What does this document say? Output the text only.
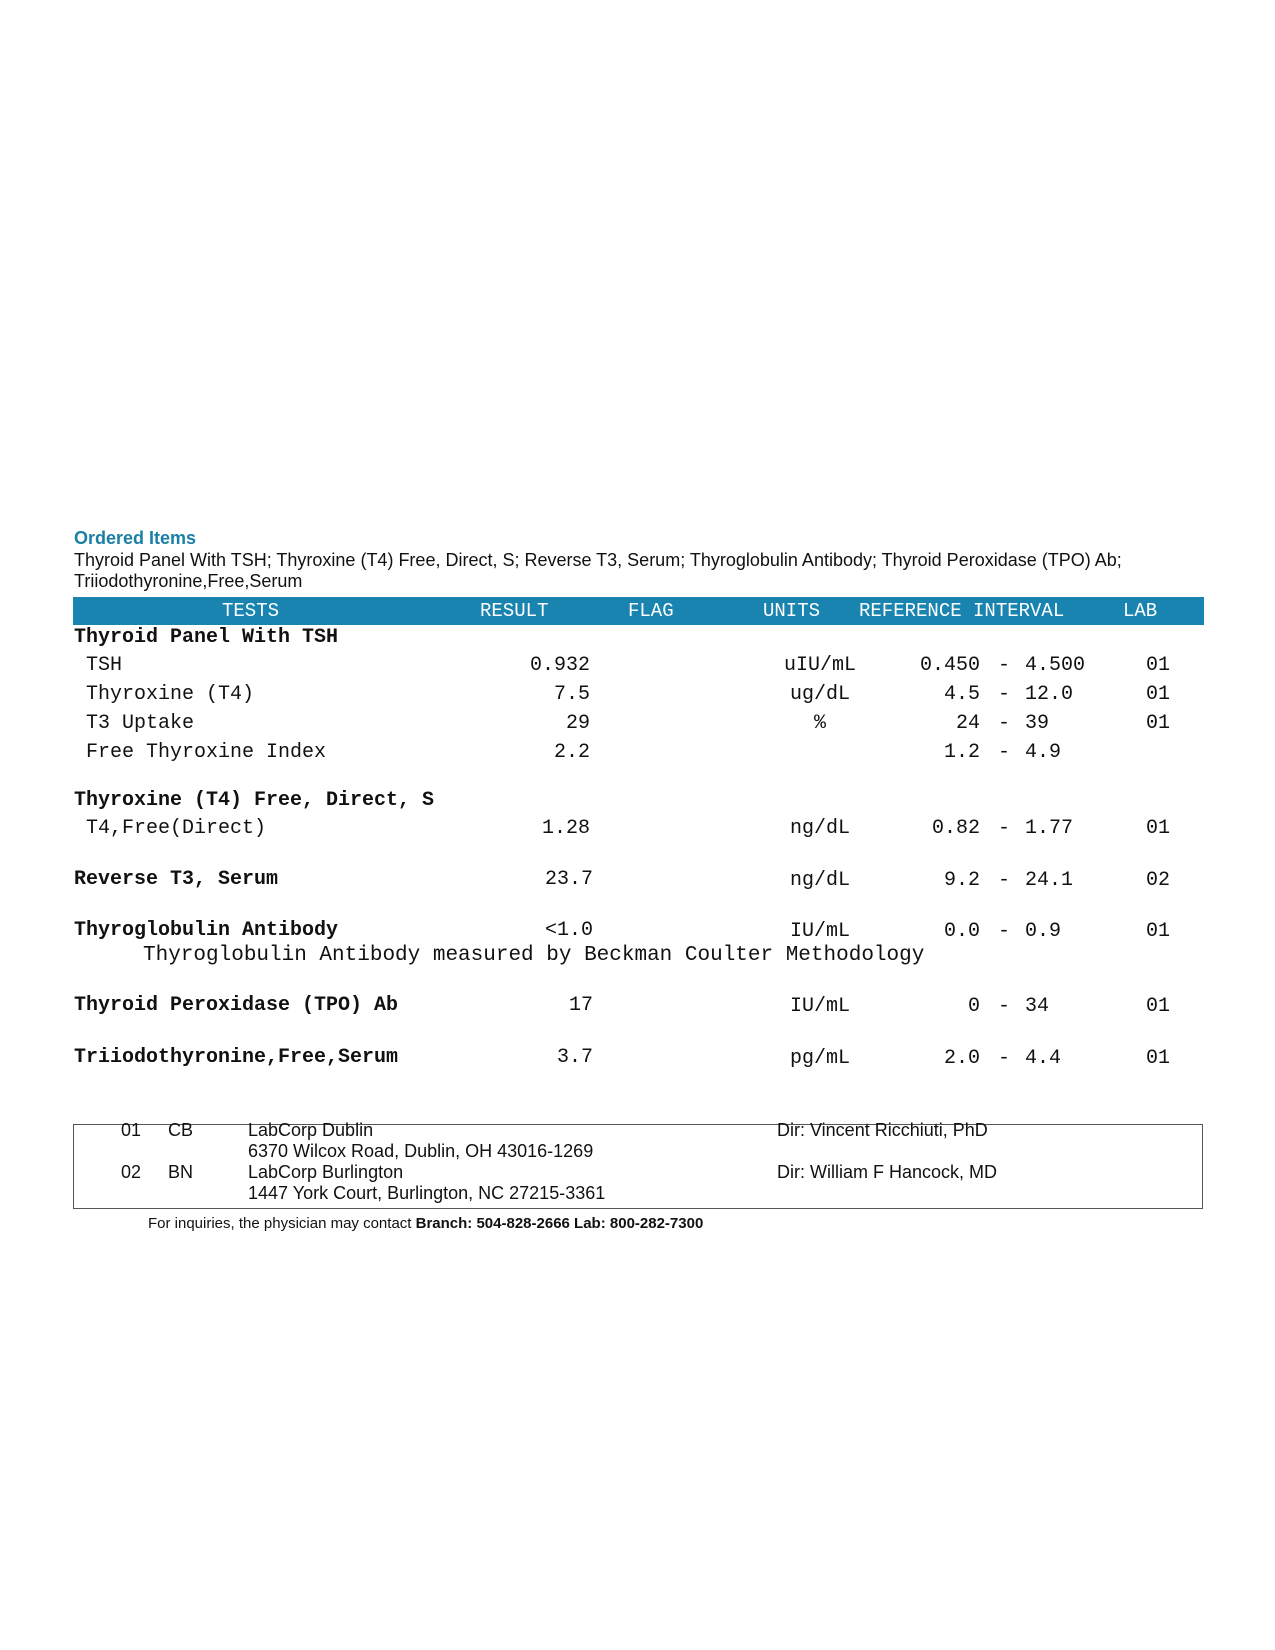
Ordered Items
Thyroid Panel With TSH; Thyroxine (T4) Free, Direct, S; Reverse T3, Serum; Thyroglobulin Antibody; Thyroid Peroxidase (TPO) Ab; Triiodothyronine,Free,Serum
TESTS	RESULT	FLAG	UNITS REFERENCE INTERVAL	LAB
Thyroid Panel With TSH
TSH	0.932	uIU/mL	0.450 - 4.500	01
Thyroxine (T4)	7.5	ug/dL	4.5 - 12.0	01
T3 Uptake	29	%	24 - 39	01
Free Thyroxine Index	2.2	1.2 - 4.9
Thyroxine (T4) Free, Direct, S
T4,Free(Direct)	1.28	ng/dL	0.82 - 1.77	01
Reverse T3, Serum	23.7	ng/dL	9.2 - 24.1	02
Thyroglobulin Antibody	<1.0	IU/mL	0.0 - 0.9	01
Thyroglobulin Antibody measured by Beckman Coulter Methodology
Thyroid Peroxidase (TPO) Ab	17	IU/mL	0 - 34	01
Triiodothyronine,Free,Serum	3.7	pg/mL	2.0 - 4.4	01
01 CB	LabCorp Dublin
6370 Wilcox Road, Dublin, OH 43016-1269
Dir: Vincent Ricchiuti, PhD
02 BN	LabCorp Burlington
1447 York Court, Burlington, NC 27215-3361
Dir: William F Hancock, MD
For inquiries, the physician may contact Branch: 504-828-2666 Lab: 800-282-7300
